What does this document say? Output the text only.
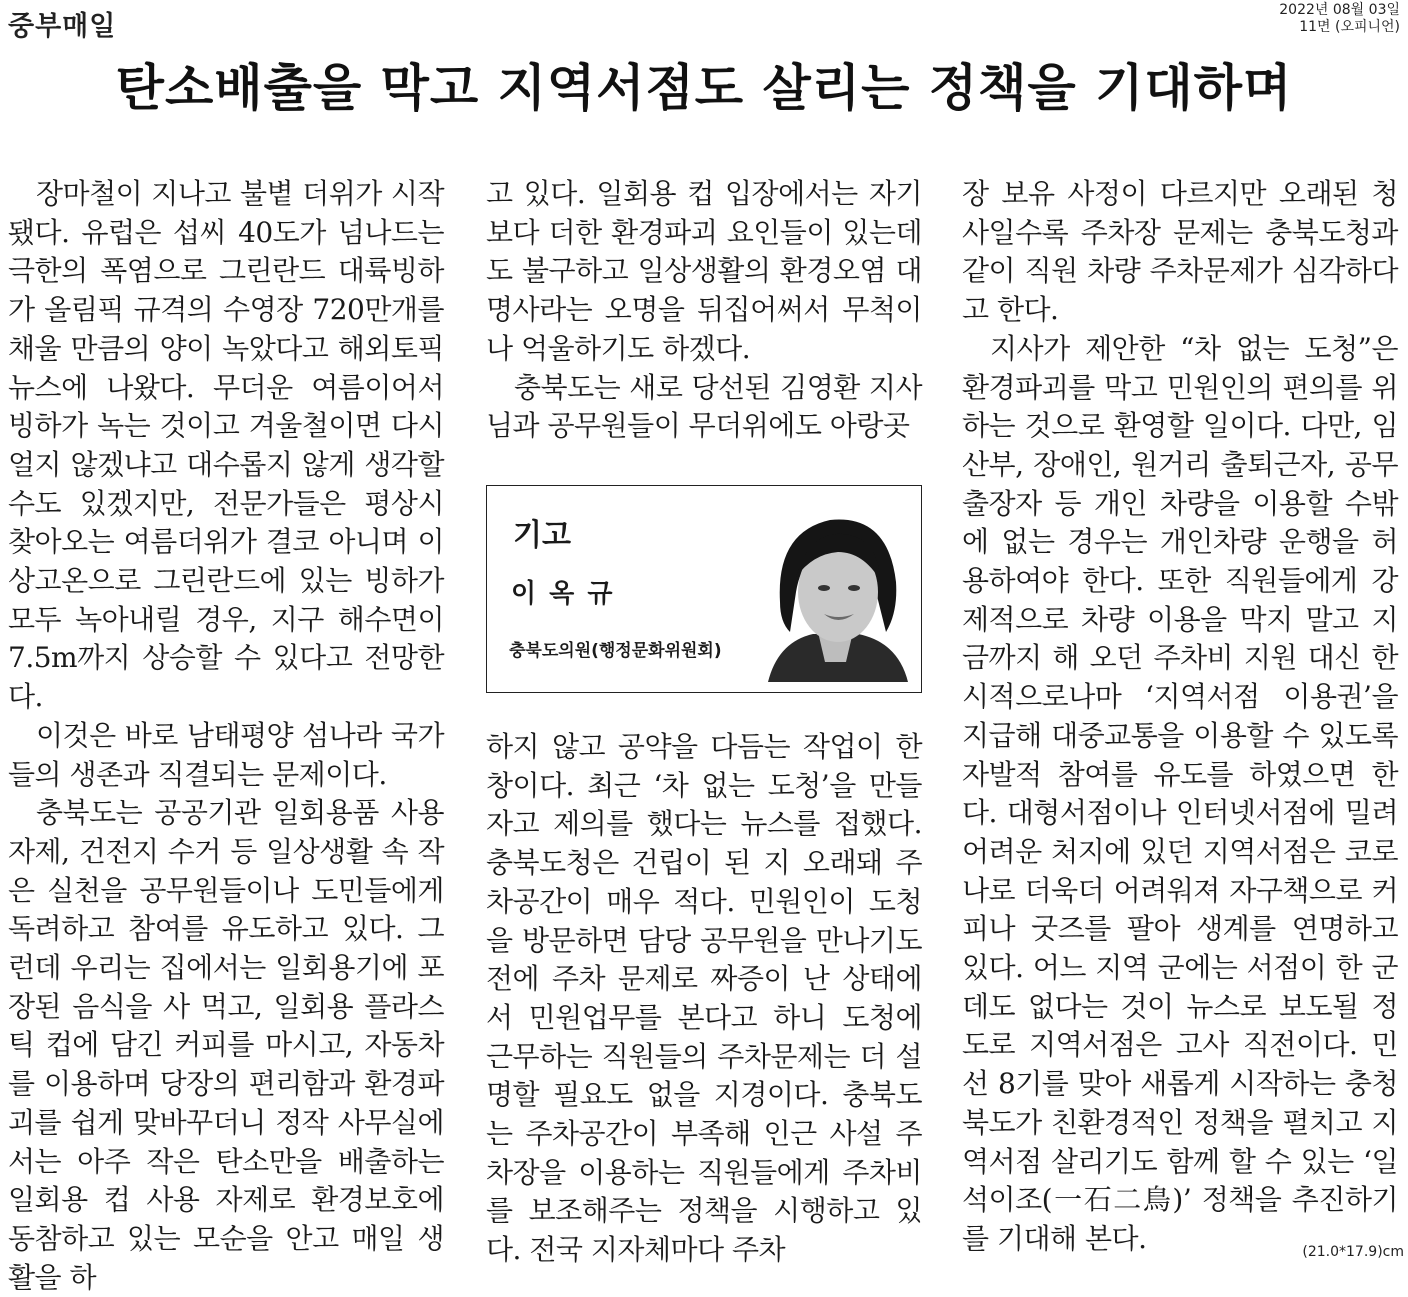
중부매일
2022년 08월 03일
11면 (오피니언)
탄소배출을 막고 지역서점도 살리는 정책을 기대하며

장마철이 지나고 불볕 더위가 시작됐다. 유럽은 섭씨 40도가 넘나드는 극한의 폭염으로 그린란드 대륙빙하가 올림픽 규격의 수영장 720만개를 채울 만큼의 양이 녹았다고 해외토픽 뉴스에 나왔다. 무더운 여름이어서 빙하가 녹는 것이고 겨울철이면 다시 얼지 않겠냐고 대수롭지 않게 생각할 수도 있겠지만, 전문가들은 평상시 찾아오는 여름더위가 결코 아니며 이상고온으로 그린란드에 있는 빙하가 모두 녹아내릴 경우, 지구 해수면이 7.5m까지 상승할 수 있다고 전망한다.

이것은 바로 남태평양 섬나라 국가들의 생존과 직결되는 문제이다.

충북도는 공공기관 일회용품 사용자제, 건전지 수거 등 일상생활 속 작은 실천을 공무원들이나 도민들에게 독려하고 참여를 유도하고 있다. 그런데 우리는 집에서는 일회용기에 포장된 음식을 사 먹고, 일회용 플라스틱 컵에 담긴 커피를 마시고, 자동차를 이용하며 당장의 편리함과 환경파괴를 쉽게 맞바꾸더니 정작 사무실에서는 아주 작은 탄소만을 배출하는 일회용 컵 사용 자제로 환경보호에 동참하고 있는 모순을 안고 매일 생활을 하

고 있다. 일회용 컵 입장에서는 자기보다 더한 환경파괴 요인들이 있는데도 불구하고 일상생활의 환경오염 대명사라는 오명을 뒤집어써서 무척이나 억울하기도 하겠다.

충북도는 새로 당선된 김영환 지사님과 공무원들이 무더위에도 아랑곳

기고
이 옥 규
충북도의원(행정문화위원회)

하지 않고 공약을 다듬는 작업이 한창이다. 최근 ‘차 없는 도청’을 만들자고 제의를 했다는 뉴스를 접했다. 충북도청은 건립이 된 지 오래돼 주차공간이 매우 적다. 민원인이 도청을 방문하면 담당 공무원을 만나기도 전에 주차 문제로 짜증이 난 상태에서 민원업무를 본다고 하니 도청에 근무하는 직원들의 주차문제는 더 설명할 필요도 없을 지경이다. 충북도는 주차공간이 부족해 인근 사설 주차장을 이용하는 직원들에게 주차비를 보조해주는 정책을 시행하고 있다. 전국 지자체마다 주차

장 보유 사정이 다르지만 오래된 청사일수록 주차장 문제는 충북도청과 같이 직원 차량 주차문제가 심각하다고 한다.

지사가 제안한 “차 없는 도청”은 환경파괴를 막고 민원인의 편의를 위하는 것으로 환영할 일이다. 다만, 임산부, 장애인, 원거리 출퇴근자, 공무 출장자 등 개인 차량을 이용할 수밖에 없는 경우는 개인차량 운행을 허용하여야 한다. 또한 직원들에게 강제적으로 차량 이용을 막지 말고 지금까지 해 오던 주차비 지원 대신 한시적으로나마 ‘지역서점 이용권’을 지급해 대중교통을 이용할 수 있도록 자발적 참여를 유도를 하였으면 한다. 대형서점이나 인터넷서점에 밀려 어려운 처지에 있던 지역서점은 코로나로 더욱더 어려워져 자구책으로 커피나 굿즈를 팔아 생계를 연명하고 있다. 어느 지역 군에는 서점이 한 군데도 없다는 것이 뉴스로 보도될 정도로 지역서점은 고사 직전이다. 민선 8기를 맞아 새롭게 시작하는 충청북도가 친환경적인 정책을 펼치고 지역서점 살리기도 함께 할 수 있는 ‘일석이조(一石二鳥)’ 정책을 추진하기를 기대해 본다.	(21.0*17.9)cm
